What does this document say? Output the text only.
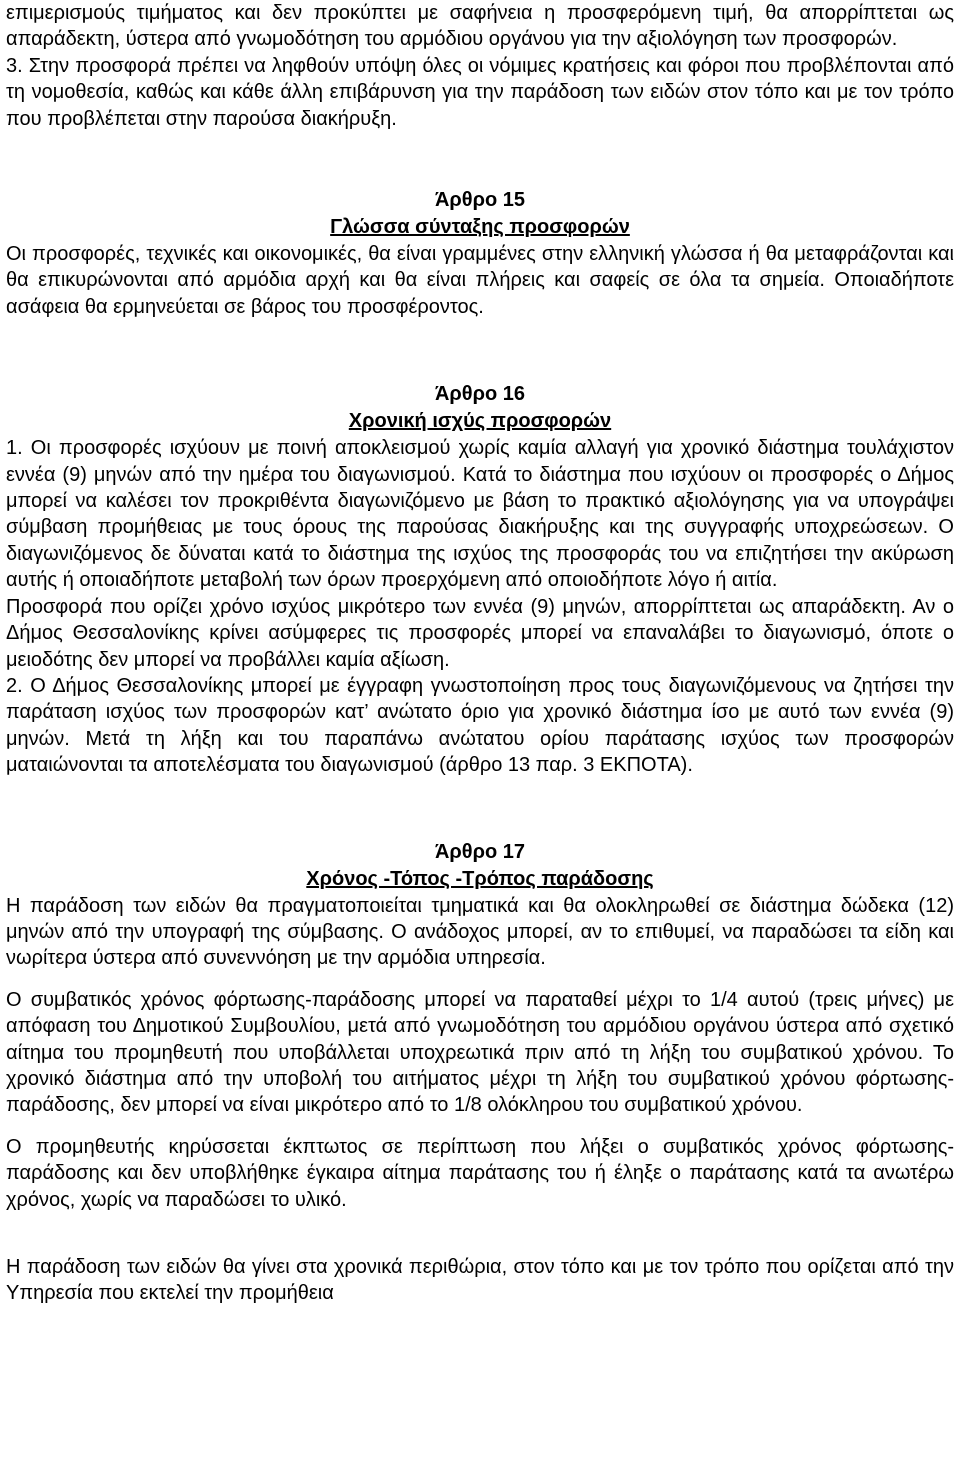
επιμερισμούς τιμήματος και δεν προκύπτει με σαφήνεια η προσφερόμενη τιμή, θα απορρίπτεται ως απαράδεκτη, ύστερα από γνωμοδότηση του αρμόδιου οργάνου για την αξιολόγηση των προσφορών.

3. Στην προσφορά πρέπει να ληφθούν υπόψη όλες οι νόμιμες κρατήσεις και φόροι που προβλέπονται από τη νομοθεσία, καθώς και κάθε άλλη επιβάρυνση για την παράδοση των ειδών στον τόπο και με τον τρόπο που προβλέπεται στην παρούσα διακήρυξη.

Άρθρο 15

Γλώσσα σύνταξης προσφορών

Οι προσφορές, τεχνικές και οικονομικές, θα είναι γραμμένες στην ελληνική γλώσσα ή θα μεταφράζονται και θα επικυρώνονται από αρμόδια αρχή και θα είναι πλήρεις και σαφείς σε όλα τα σημεία. Οποιαδήποτε ασάφεια θα ερμηνεύεται σε βάρος του προσφέροντος.

Άρθρο 16

Χρονική ισχύς προσφορών

1. Οι προσφορές ισχύουν με ποινή αποκλεισμού χωρίς καμία αλλαγή για χρονικό διάστημα τουλάχιστον εννέα (9) μηνών από την ημέρα του διαγωνισμού. Κατά το διάστημα που ισχύουν οι προσφορές ο Δήμος μπορεί να καλέσει τον προκριθέντα διαγωνιζόμενο με βάση το πρακτικό αξιολόγησης για να υπογράψει σύμβαση προμήθειας με τους όρους της παρούσας διακήρυξης και της συγγραφής υποχρεώσεων. Ο διαγωνιζόμενος δε δύναται κατά το διάστημα της ισχύος της προσφοράς του να επιζητήσει την ακύρωση αυτής ή οποιαδήποτε μεταβολή των όρων προερχόμενη από οποιοδήποτε λόγο ή αιτία.

Προσφορά που ορίζει χρόνο ισχύος μικρότερο των εννέα (9) μηνών, απορρίπτεται ως απαράδεκτη. Αν ο Δήμος Θεσσαλονίκης κρίνει ασύμφερες τις προσφορές μπορεί να επαναλάβει το διαγωνισμό, όποτε ο μειοδότης δεν μπορεί να προβάλλει καμία αξίωση.

2. Ο Δήμος Θεσσαλονίκης μπορεί με έγγραφη γνωστοποίηση προς τους διαγωνιζόμενους να ζητήσει την παράταση ισχύος των προσφορών κατ’ ανώτατο όριο για χρονικό διάστημα ίσο με αυτό των εννέα (9) μηνών. Μετά τη λήξη και του παραπάνω ανώτατου ορίου παράτασης ισχύος των προσφορών ματαιώνονται τα αποτελέσματα του διαγωνισμού (άρθρο 13 παρ. 3 ΕΚΠΟΤΑ).

Άρθρο 17

Χρόνος -Τόπος -Τρόπος παράδοσης

Η παράδοση των ειδών θα πραγματοποιείται τμηματικά και θα ολοκληρωθεί σε διάστημα δώδεκα (12) μηνών από την υπογραφή της σύμβασης. Ο ανάδοχος μπορεί, αν το επιθυμεί, να παραδώσει τα είδη και νωρίτερα ύστερα από συνεννόηση με την αρμόδια υπηρεσία.

Ο συμβατικός χρόνος φόρτωσης-παράδοσης μπορεί να παραταθεί μέχρι το 1/4 αυτού (τρεις μήνες) με απόφαση του Δημοτικού Συμβουλίου, μετά από γνωμοδότηση του αρμόδιου οργάνου ύστερα από σχετικό αίτημα του προμηθευτή που υποβάλλεται υποχρεωτικά πριν από τη λήξη του συμβατικού χρόνου. Το χρονικό διάστημα από την υποβολή του αιτήματος μέχρι τη λήξη του συμβατικού χρόνου φόρτωσης-παράδοσης, δεν μπορεί να είναι μικρότερο από το 1/8 ολόκληρου του συμβατικού χρόνου.

Ο προμηθευτής κηρύσσεται έκπτωτος σε περίπτωση που λήξει ο συμβατικός χρόνος φόρτωσης-παράδοσης και δεν υποβλήθηκε έγκαιρα αίτημα παράτασης του ή έληξε ο παράτασης κατά τα ανωτέρω χρόνος, χωρίς να παραδώσει το υλικό.

Η παράδοση των ειδών θα γίνει στα χρονικά περιθώρια, στον τόπο και με τον τρόπο που ορίζεται από την Υπηρεσία που εκτελεί την προμήθεια
